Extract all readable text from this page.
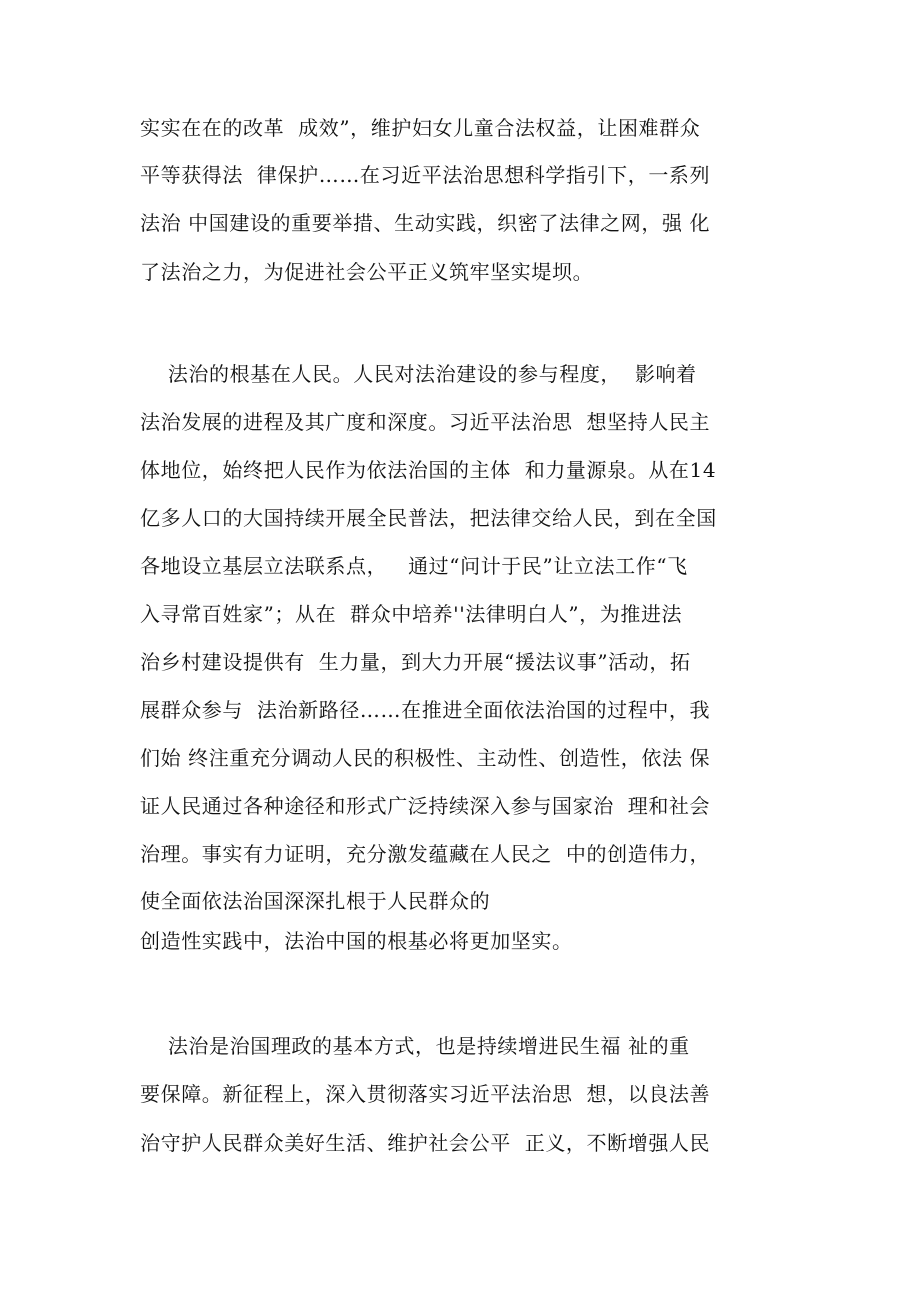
实实在在的改革  成效”，维护妇女儿童合法权益，让困难群众
平等获得法  律保护……在习近平法治思想科学指引下，一系列
法治 中国建设的重要举措、生动实践，织密了法律之网，强 化
了法治之力，为促进社会公平正义筑牢坚实堤坝。
法治的根基在人民。人民对法治建设的参与程度，  影响着
法治发展的进程及其广度和深度。习近平法治思  想坚持人民主
体地位，始终把人民作为依法治国的主体  和力量源泉。从在14
亿多人口的大国持续开展全民普法，把法律交给人民，到在全国
各地设立基层立法联系点，   通过“问计于民”让立法工作“飞
入寻常百姓家”；从在  群众中培养''法律明白人”，为推进法
治乡村建设提供有  生力量，到大力开展“援法议事”活动，拓
展群众参与  法治新路径……在推进全面依法治国的过程中，我
们始 终注重充分调动人民的积极性、主动性、创造性，依法 保
证人民通过各种途径和形式广泛持续深入参与国家治  理和社会
治理。事实有力证明，充分激发蕴藏在人民之  中的创造伟力，
使全面依法治国深深扎根于人民群众的
创造性实践中，法治中国的根基必将更加坚实。
法治是治国理政的基本方式，也是持续增进民生福 祉的重
要保障。新征程上，深入贯彻落实习近平法治思  想，以良法善
治守护人民群众美好生活、维护社会公平  正义，不断增强人民
